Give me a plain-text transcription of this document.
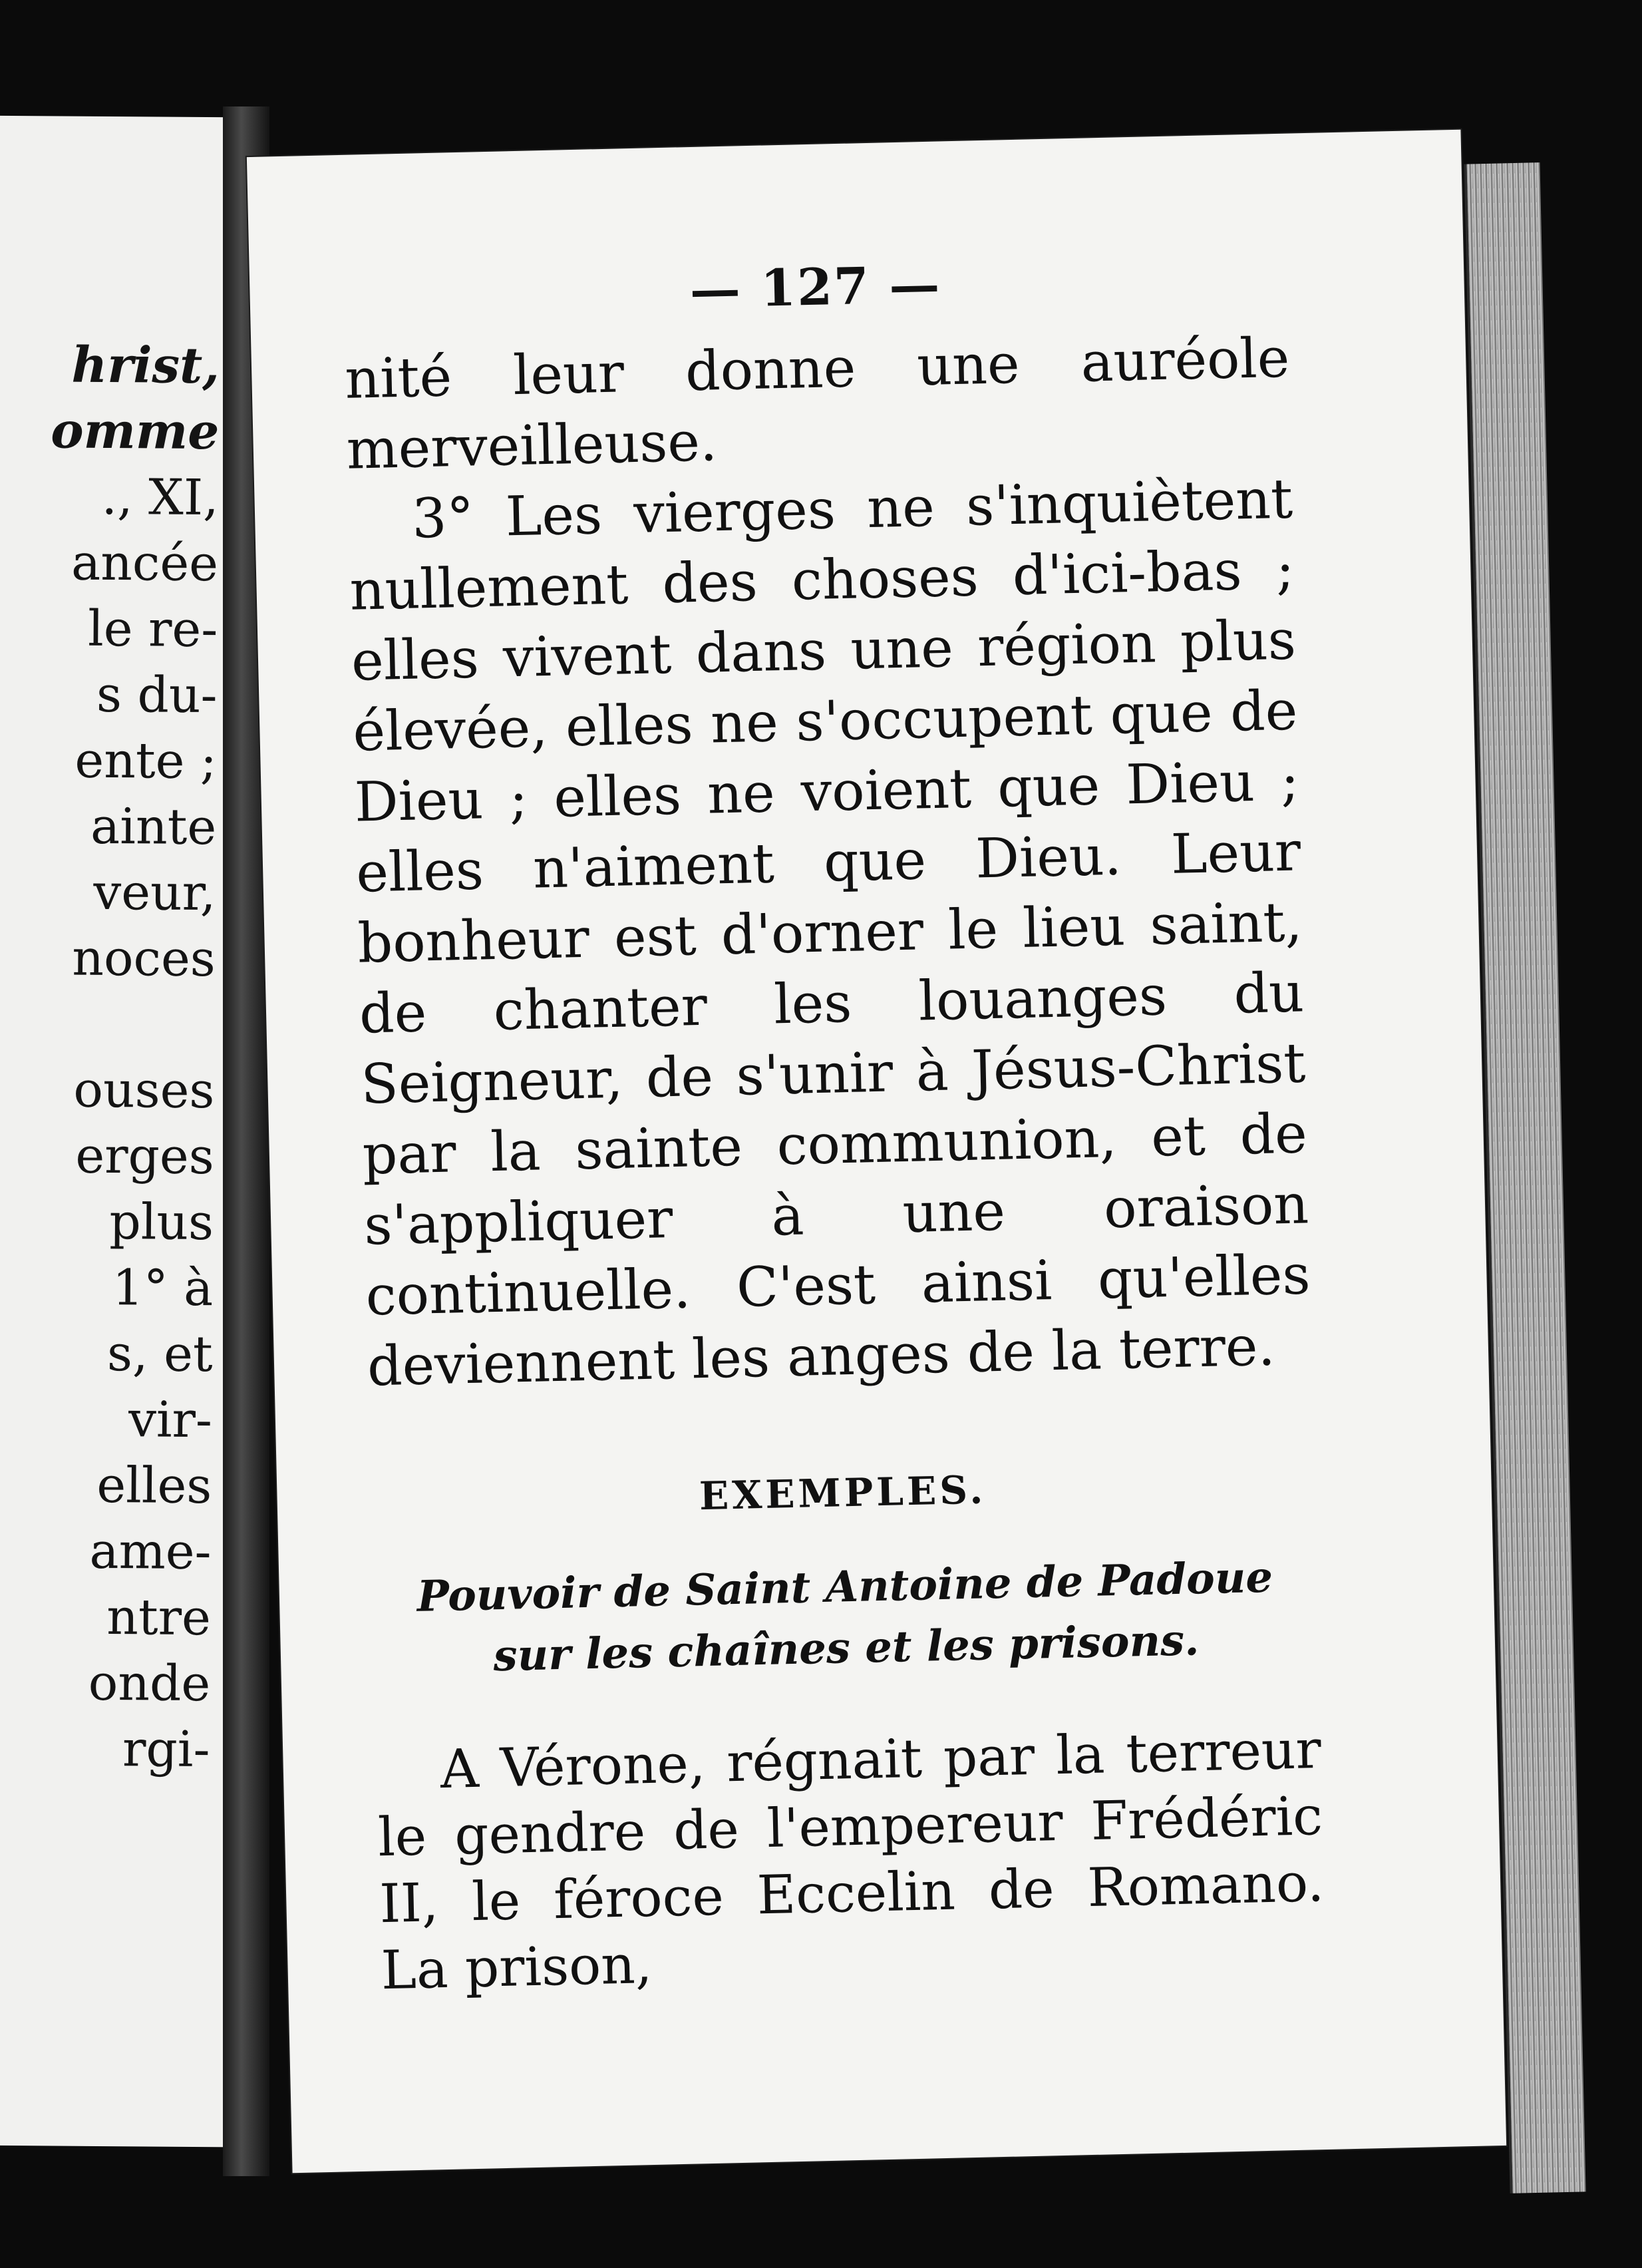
hrist,
omme
., XI,
ancée
le re-
s du-
ente ;
ainte
veur,
noces
ouses
erges
plus
1° à
s, et
vir-
elles
ame-
ntre
onde
rgi-
— 127 —

nité leur donne une auréole merveilleuse.

3° Les vierges ne s'inquiètent nullement des choses d'ici-bas ; elles vivent dans une région plus élevée, elles ne s'occupent que de Dieu ; elles ne voient que Dieu ; elles n'aiment que Dieu. Leur bonheur est d'orner le lieu saint, de chanter les louanges du Seigneur, de s'unir à Jésus-Christ par la sainte communion, et de s'appliquer à une oraison continuelle. C'est ainsi qu'elles deviennent les anges de la terre.

EXEMPLES.
Pouvoir de Saint Antoine de Padoue sur les chaînes et les prisons.

A Vérone, régnait par la terreur le gendre de l'empereur Frédéric II, le féroce Eccelin de Romano. La prison,
